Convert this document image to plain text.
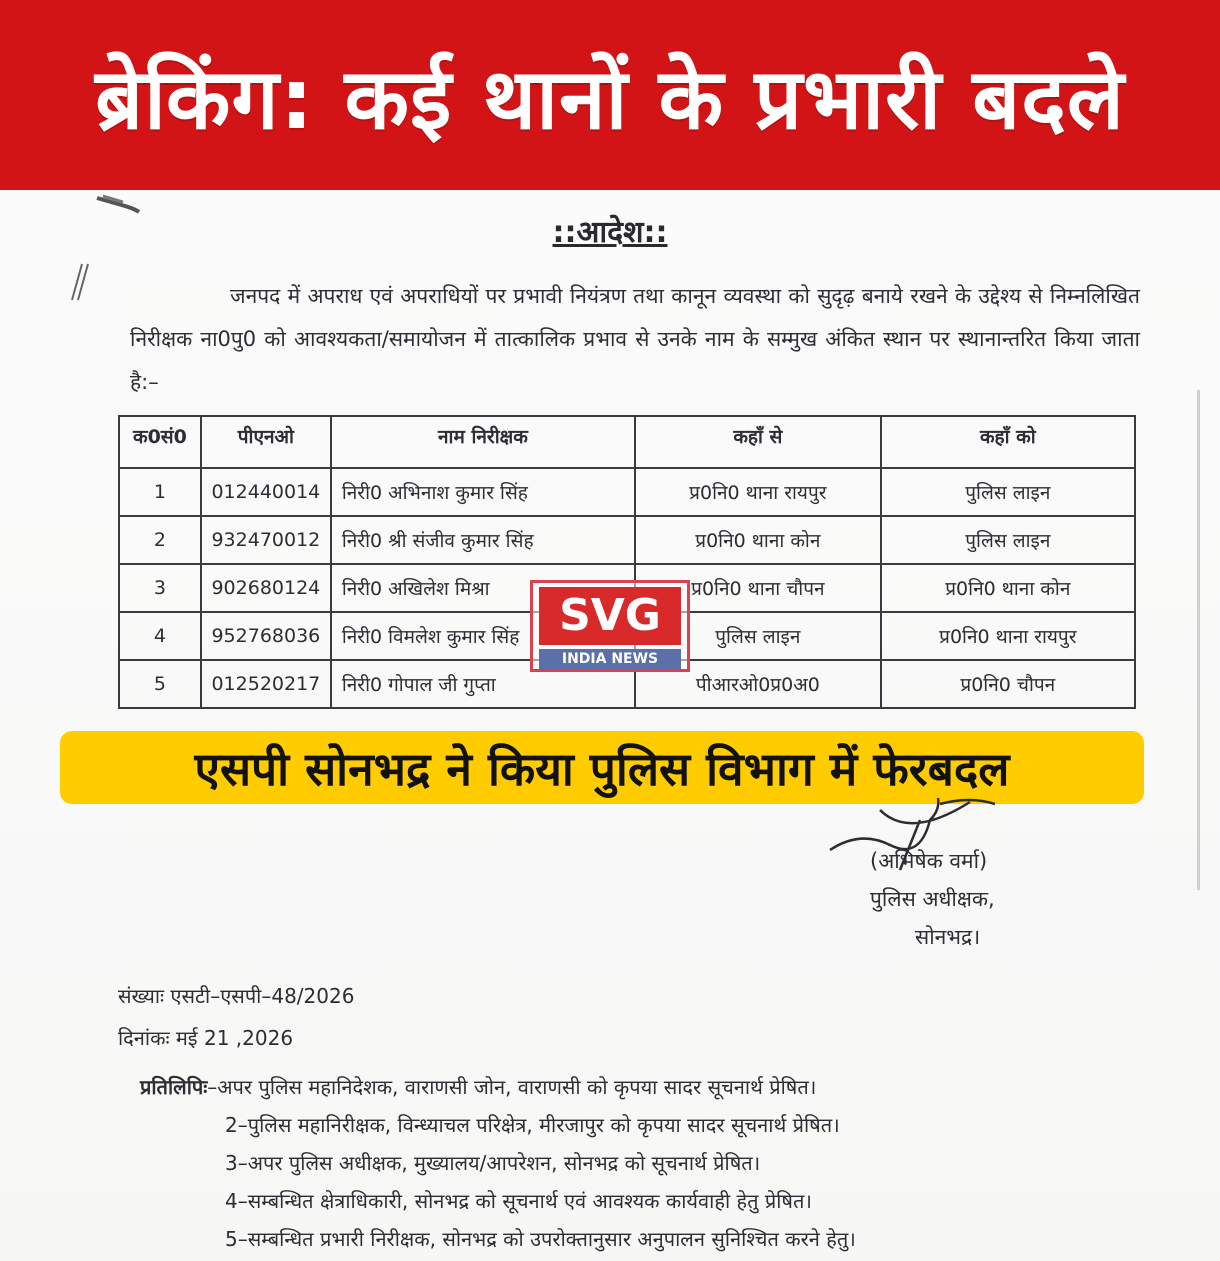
ब्रेकिंग: कई थानों के प्रभारी बदले
::आदेश::
जनपद में अपराध एवं अपराधियों पर प्रभावी नियंत्रण तथा कानून व्यवस्था को सुदृढ़ बनाये रखने के उद्देश्य से निम्नलिखित निरीक्षक ना0पु0 को आवश्यकता/समायोजन में तात्कालिक प्रभाव से उनके नाम के सम्मुख अंकित स्थान पर स्थानान्तरित किया जाता है:–
क0सं0	पीएनओ	नाम निरीक्षक	कहाँ से	कहाँ को
1	012440014	निरी0 अभिनाश कुमार सिंह	प्र0नि0 थाना रायपुर	पुलिस लाइन
2	932470012	निरी0 श्री संजीव कुमार सिंह	प्र0नि0 थाना कोन	पुलिस लाइन
3	902680124	निरी0 अखिलेश मिश्रा	प्र0नि0 थाना चौपन	प्र0नि0 थाना कोन
4	952768036	निरी0 विमलेश कुमार सिंह	पुलिस लाइन	प्र0नि0 थाना रायपुर
5	012520217	निरी0 गोपाल जी गुप्ता	पीआरओ0प्र0अ0	प्र0नि0 चौपन
SVG
INDIA NEWS
एसपी सोनभद्र ने किया पुलिस विभाग में फेरबदल
(अभिषेक वर्मा)
पुलिस अधीक्षक,
सोनभद्र।
संख्याः एसटी–एसपी–48/2026
दिनांकः मई 21 ,2026
प्रतिलिपिः–अपर पुलिस महानिदेशक, वाराणसी जोन, वाराणसी को कृपया सादर सूचनार्थ प्रेषित।
2–पुलिस महानिरीक्षक, विन्ध्याचल परिक्षेत्र, मीरजापुर को कृपया सादर सूचनार्थ प्रेषित।
3–अपर पुलिस अधीक्षक, मुख्यालय/आपरेशन, सोनभद्र को सूचनार्थ प्रेषित।
4–सम्बन्धित क्षेत्राधिकारी, सोनभद्र को सूचनार्थ एवं आवश्यक कार्यवाही हेतु प्रेषित।
5–सम्बन्धित प्रभारी निरीक्षक, सोनभद्र को उपरोक्तानुसार अनुपालन सुनिश्चित करने हेतु।
